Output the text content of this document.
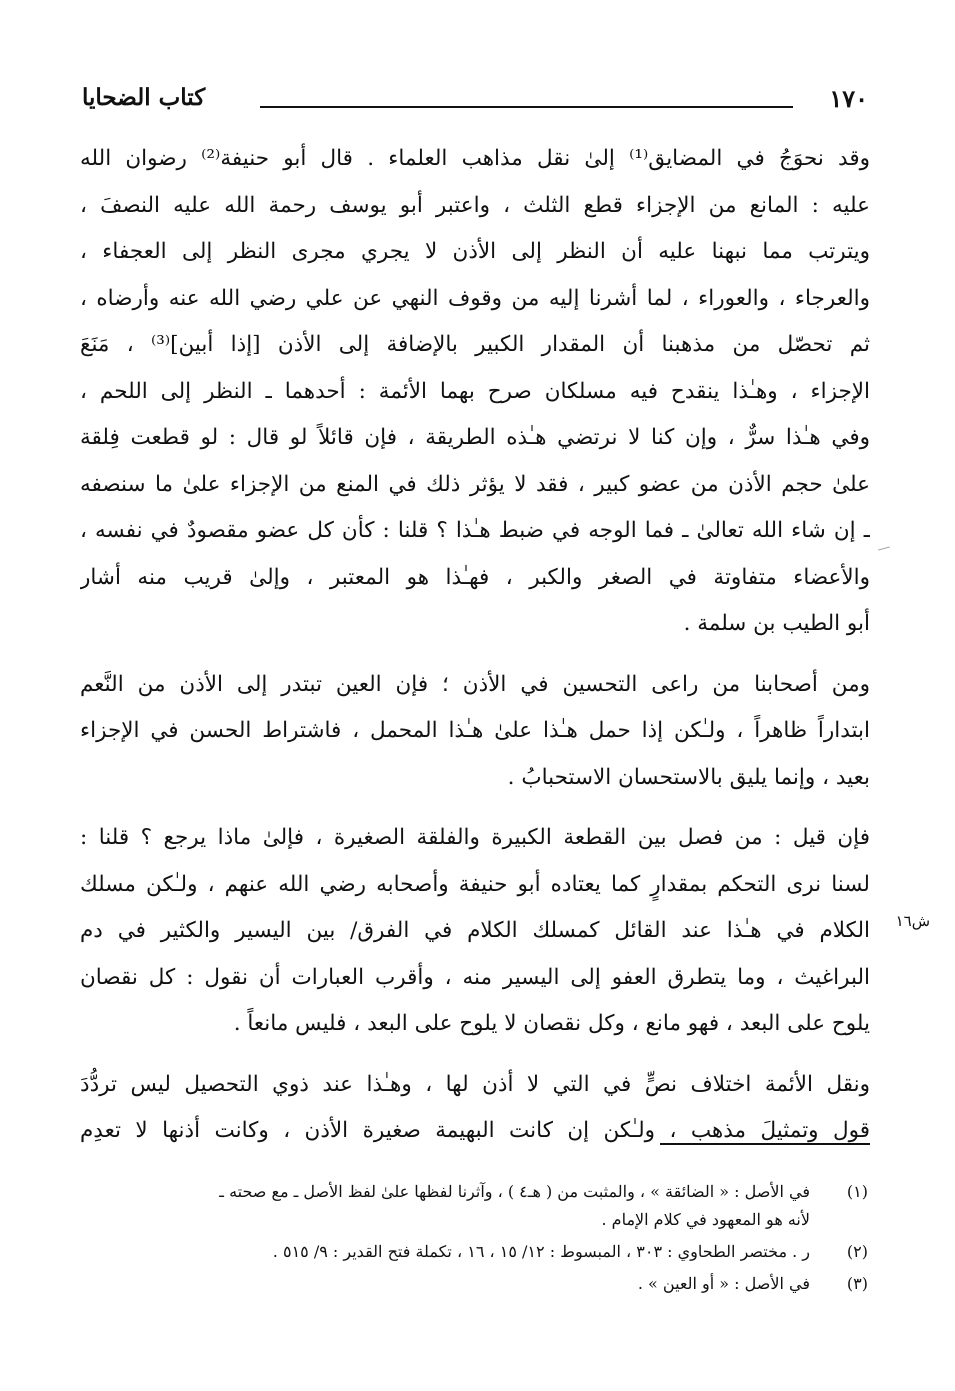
١٧٠
كتاب الضحايا
وقد نحوَجُ في المضايق⁽¹⁾ إلىٰ نقل مذاهب العلماء . قال أبو حنيفة⁽²⁾ رضوان الله
عليه : المانع من الإجزاء قطع الثلث ، واعتبر أبو يوسف رحمة الله عليه النصفَ ،
ويترتب مما نبهنا عليه أن النظر إلى الأذن لا يجري مجرى النظر إلى العجفاء ،
والعرجاء ، والعوراء ، لما أشرنا إليه من وقوف النهي عن علي رضي الله عنه وأرضاه ،
ثم تحصّل من مذهبنا أن المقدار الكبير بالإضافة إلى الأذن [إذا أبين]⁽³⁾ ، مَنَعَ
الإجزاء ، وهـٰذا ينقدح فيه مسلكان صرح بهما الأئمة : أحدهما ـ النظر إلى اللحم ،
وفي هـٰذا سرٌّ ، وإن كنا لا نرتضي هـٰذه الطريقة ، فإن قائلاً لو قال : لو قطعت فِلقة
علىٰ حجم الأذن من عضو كبير ، فقد لا يؤثر ذلك في المنع من الإجزاء علىٰ ما سنصفه
ـ إن شاء الله تعالىٰ ـ فما الوجه في ضبط هـٰذا ؟ قلنا : كأن كل عضو مقصودٌ في نفسه ،
والأعضاء متفاوتة في الصغر والكبر ، فهـٰذا هو المعتبر ، وإلىٰ قريب منه أشار
أبو الطيب بن سلمة .
ومن أصحابنا من راعى التحسين في الأذن ؛ فإن العين تبتدر إلى الأذن من النَّعم
ابتداراً ظاهراً ، ولـٰكن إذا حمل هـٰذا علىٰ هـٰذا المحمل ، فاشتراط الحسن في الإجزاء
بعيد ، وإنما يليق بالاستحسان الاستحبابُ .
فإن قيل : من فصل بين القطعة الكبيرة والفلقة الصغيرة ، فإلىٰ ماذا يرجع ؟ قلنا :
لسنا نرى التحكم بمقدارٍ كما يعتاده أبو حنيفة وأصحابه رضي الله عنهم ، ولـٰكن مسلك
الكلام في هـٰذا عند القائل كمسلك الكلام في الفرق/ بين اليسير والكثير في دم
البراغيث ، وما يتطرق العفو إلى اليسير منه ، وأقرب العبارات أن نقول : كل نقصان
يلوح على البعد ، فهو مانع ، وكل نقصان لا يلوح على البعد ، فليس مانعاً .
ونقل الأئمة اختلاف نصٍّ في التي لا أذن لها ، وهـٰذا عند ذوي التحصيل ليس تردُّدَ
قول وتمثيلَ مذهب ، ولـٰكن إن كانت البهيمة صغيرة الأذن ، وكانت أذنها لا تعدِم
ش١٦
(١)
في الأصل : « الضائقة » ، والمثبت من ( هـ٤ ) ، وآثرنا لفظها علىٰ لفظ الأصل ـ مع صحته ـ
لأنه هو المعهود في كلام الإمام .
(٢)
ر . مختصر الطحاوي : ٣٠٣ ، المبسوط : ١٢/ ١٥ ، ١٦ ، تكملة فتح القدير : ٩/ ٥١٥ .
(٣)
في الأصل : « أو العين » .
